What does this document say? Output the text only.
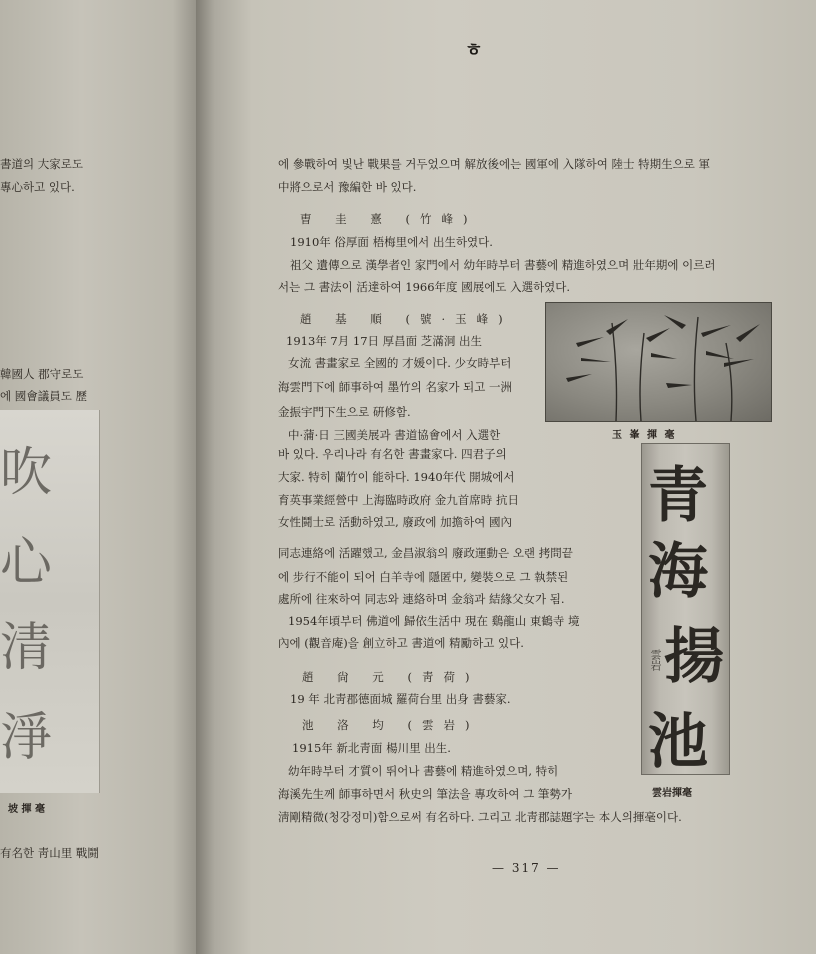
書道의 大家로도
專心하고 있다.
韓國人 郡守로도
에 國會議員도 歷
吹
心
清
淨
坡 揮 毫
有名한 靑山里 戰鬪
ㅎ
에 參戰하여 빛난 戰果를 거두었으며 解放後에는 國軍에 入隊하여 陸士 特期生으로 軍
中將으로서 豫編한 바 있다.
曺 圭 憙 (竹峰)
1910年 俗厚面 梧梅里에서 出生하였다.
祖父 遺傳으로 漢學者인 家門에서 幼年時부터 書藝에 精進하였으며 壯年期에 이르러
서는 그 書法이 活達하여 1966年度 國展에도 入選하였다.
趙 基 順 (號·玉峰)
1913年 7月 17日 厚昌面 芝滿洞 出生
女流 書畫家로 全國的 才媛이다. 少女時부터
海雲門下에 師事하여 墨竹의 名家가 되고 一洲
金振宇門下生으로 硏修함.
中·蒲·日 三國美展과 書道協會에서 入選한
바 있다. 우리나라 有名한 書畫家다. 四君子의
大家. 特히 蘭竹이 能하다. 1940年代 開城에서
育英事業經營中 上海臨時政府 金九首席時 抗日
女性鬪士로 活動하였고, 廢政에 加擔하여 國內
同志連絡에 活躍했고, 金昌淑翁의 廢政運動은 오랜 拷問끝
에 步行不能이 되어 白羊寺에 隱匿中, 變裝으로 그 執禁된
處所에 往來하여 同志와 連絡하며 金翁과 結緣父女가 됨.
1954年頃부터 佛道에 歸依生活中 現在 鷄龍山 東鶴寺 境
內에 (觀音庵)을 創立하고 書道에 精勵하고 있다.
趙 尙 元 (靑荷)
19 年 北靑郡德面城 羅荷台里 出身 書藝家.
池 洛 均 (雲岩)
1915年 新北靑面 楊川里 出生.
幼年時부터 才質이 뛰어나 書藝에 精進하였으며, 特히
海溪先生께 師事하면서 秋史의 筆法을 專攻하여 그 筆勢가
淸剛精微(청강정미)함으로써 有名하다. 그리고 北靑郡誌題字는 本人의揮毫이다.
玉 峯 揮 毫
青
海
揚
池
雲岩
雲岩揮毫
— 317 —
